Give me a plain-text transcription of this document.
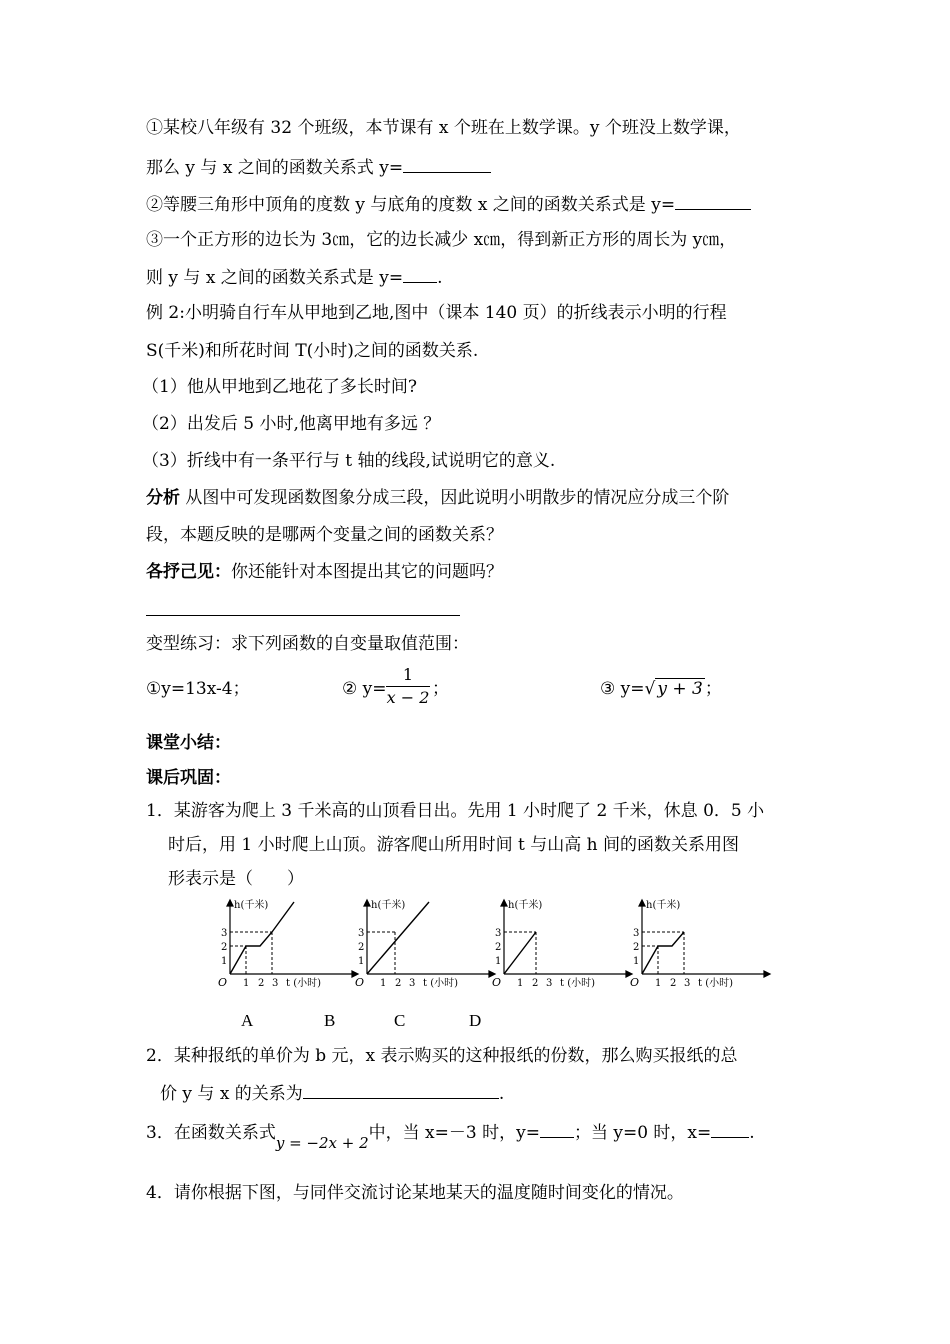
①某校八年级有 32 个班级，本节课有 x 个班在上数学课。y 个班没上数学课，
那么 y 与 x 之间的函数关系式 y=
②等腰三角形中顶角的度数 y 与底角的度数 x 之间的函数关系式是 y=
③一个正方形的边长为 3㎝，它的边长减少 x㎝，得到新正方形的周长为 y㎝，
则 y 与 x 之间的函数关系式是 y= .
例 2:小明骑自行车从甲地到乙地,图中（课本 140 页）的折线表示小明的行程
S(千米)和所花时间 T(小时)之间的函数关系.
（1）他从甲地到乙地花了多长时间?
（2）出发后 5 小时,他离甲地有多远 ？
（3）折线中有一条平行与 t 轴的线段,试说明它的意义.
分析 从图中可发现函数图象分成三段，因此说明小明散步的情况应分成三个阶
段，本题反映的是哪两个变量之间的函数关系？
各抒己见：你还能针对本图提出其它的问题吗？
变型练习：求下列函数的自变量取值范围：
①y=13x-4；	② y=
1
x − 2 ；	③ y=√ y + 3 ；
课堂小结：
课后巩固：
1．某游客为爬上 3 千米高的山顶看日出。先用 1 小时爬了 2 千米，休息 0．5 小
时后，用 1 小时爬上山顶。游客爬山所用时间 t 与山高 h 间的函数关系用图
形表示是（　　）
h(千米)
O 1 2 3 t (小时)
1
2
3
h(千米)
O 1 2 3 t (小时)
1
2
3
h(千米)
O 1 2 3 t (小时)
1
2
3
h(千米)
O 1 2 3 t (小时)
1
2
3
A	B	C	D
2．某种报纸的单价为 b 元，x 表示购买的这种报纸的份数，那么购买报纸的总
价 y 与 x 的关系为	.
3．在函数关系式y = −2x + 2中，当 x=－3 时，y= ；当 y=0 时，x= .
4．请你根据下图，与同伴交流讨论某地某天的温度随时间变化的情况。
